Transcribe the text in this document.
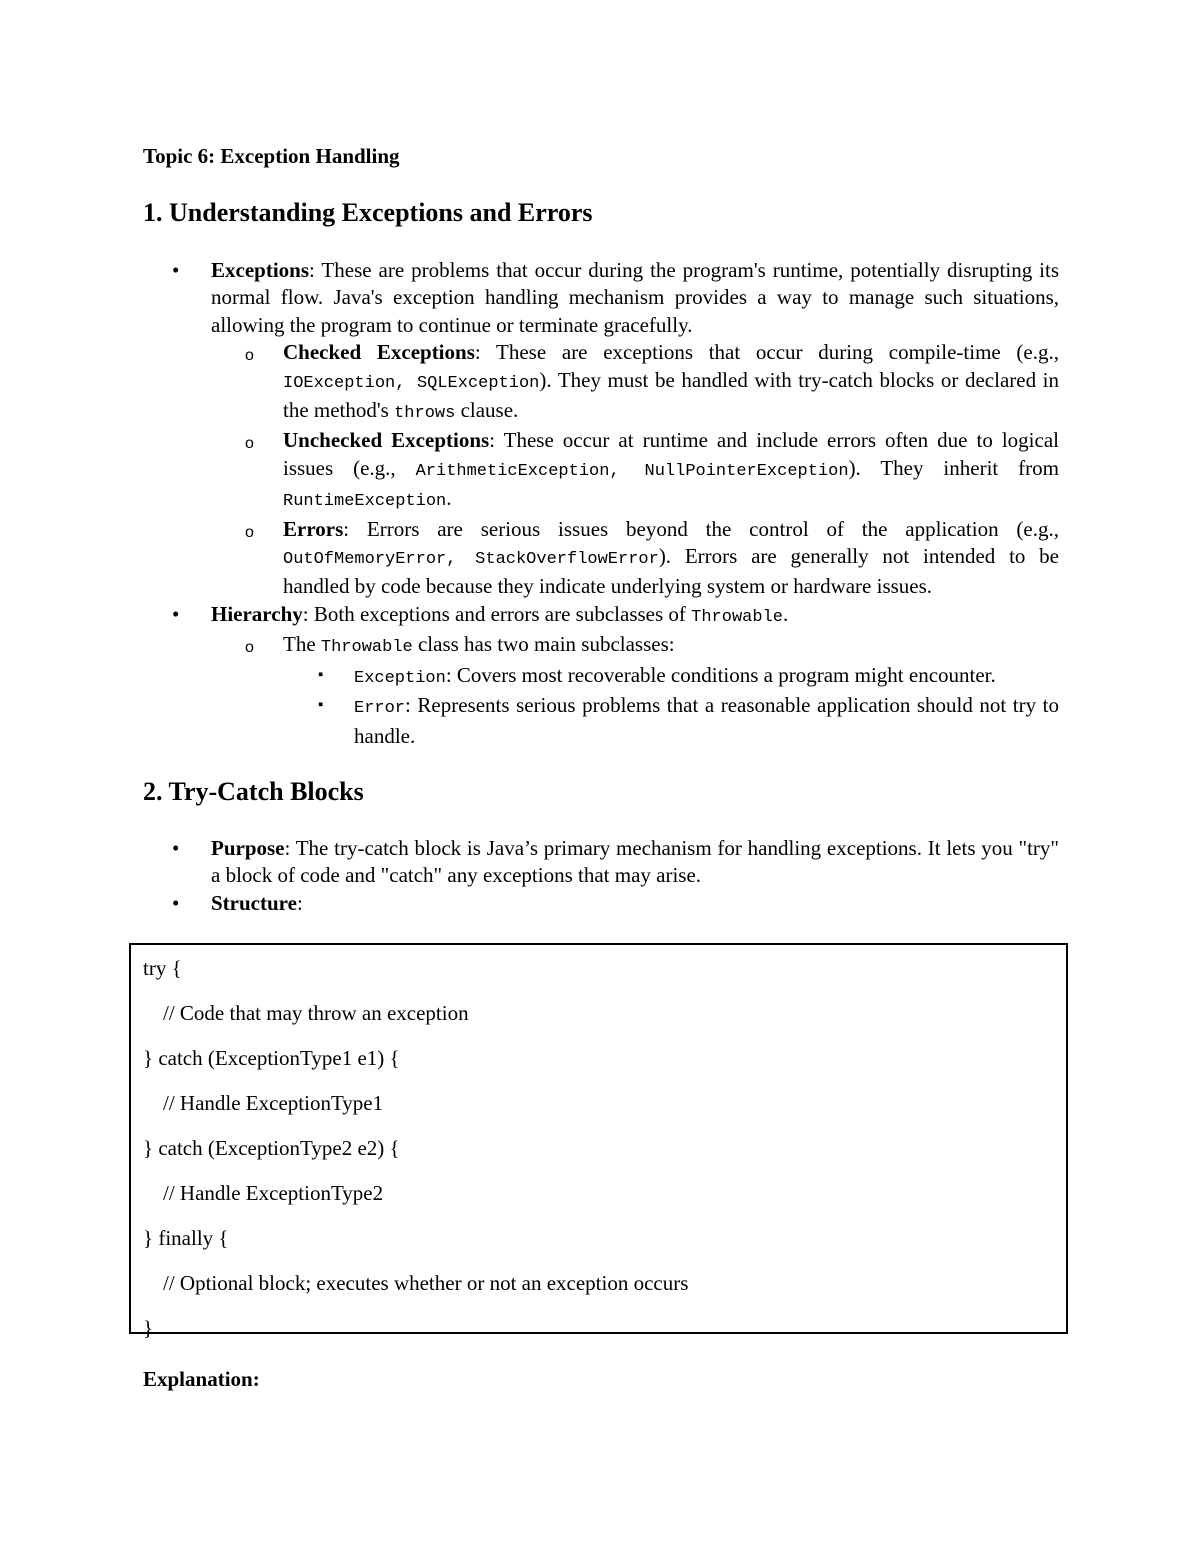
Topic 6: Exception Handling
1. Understanding Exceptions and Errors
• Exceptions: These are problems that occur during the program's runtime, potentially disrupting its normal flow. Java's exception handling mechanism provides a way to manage such situations, allowing the program to continue or terminate gracefully.
o Checked Exceptions: These are exceptions that occur during compile-time (e.g., IOException, SQLException). They must be handled with try-catch blocks or declared in the method's throws clause.
o Unchecked Exceptions: These occur at runtime and include errors often due to logical issues (e.g., ArithmeticException, NullPointerException). They inherit from RuntimeException.
o Errors: Errors are serious issues beyond the control of the application (e.g., OutOfMemoryError, StackOverflowError). Errors are generally not intended to be handled by code because they indicate underlying system or hardware issues.
• Hierarchy: Both exceptions and errors are subclasses of Throwable.
o The Throwable class has two main subclasses:
▪ Exception: Covers most recoverable conditions a program might encounter.
▪ Error: Represents serious problems that a reasonable application should not try to handle.
2. Try-Catch Blocks
• Purpose: The try-catch block is Java’s primary mechanism for handling exceptions. It lets you "try" a block of code and "catch" any exceptions that may arise.
• Structure:
try {
// Code that may throw an exception
} catch (ExceptionType1 e1) {
// Handle ExceptionType1
} catch (ExceptionType2 e2) {
// Handle ExceptionType2
} finally {
// Optional block; executes whether or not an exception occurs
}

Explanation:
